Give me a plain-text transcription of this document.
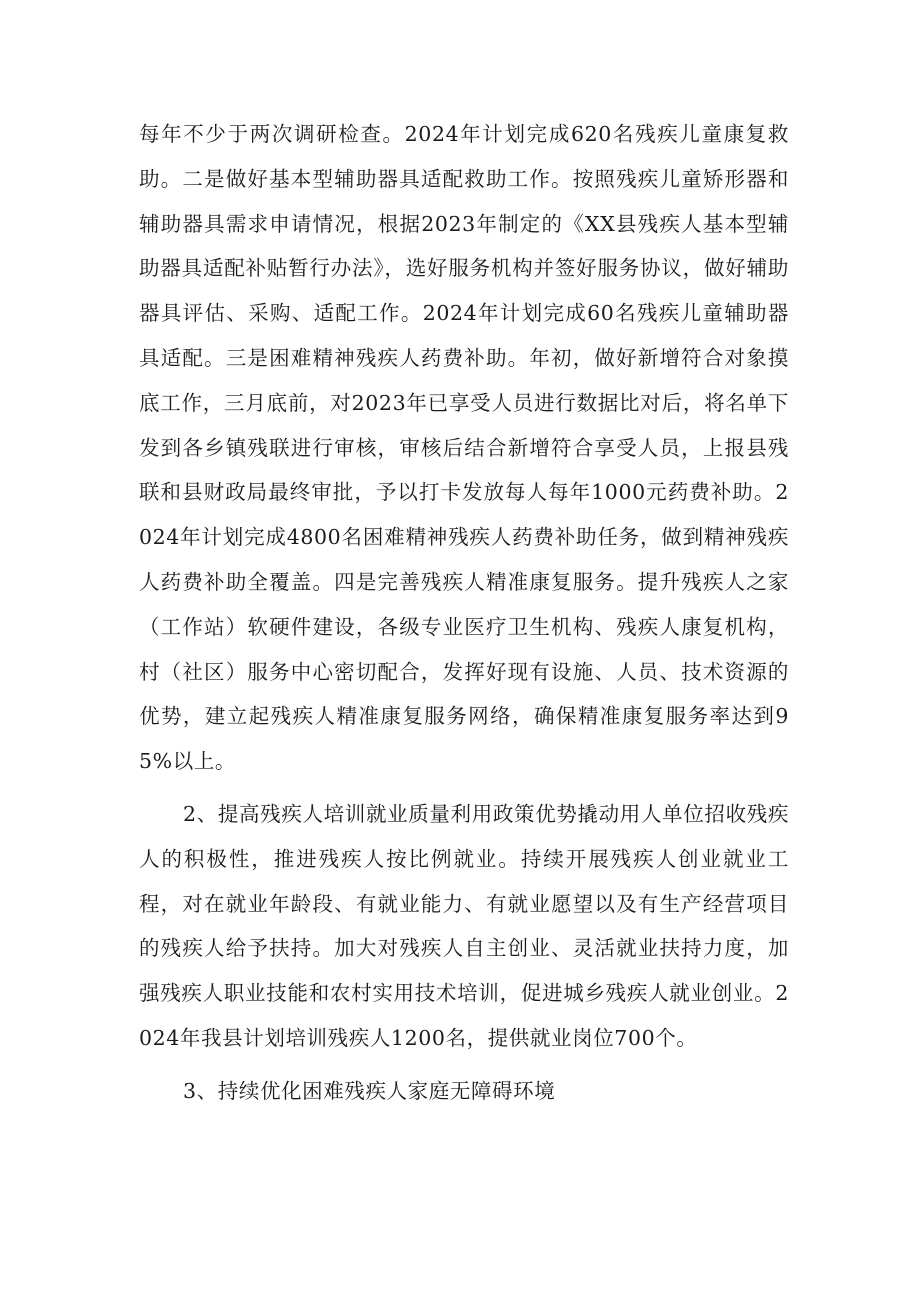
每年不少于两次调研检查。2024年计划完成620名残疾儿童康复救助。二是做好基本型辅助器具适配救助工作。按照残疾儿童矫形器和辅助器具需求申请情况，根据2023年制定的《XX县残疾人基本型辅助器具适配补贴暂行办法》，选好服务机构并签好服务协议，做好辅助器具评估、采购、适配工作。2024年计划完成60名残疾儿童辅助器具适配。三是困难精神残疾人药费补助。年初，做好新增符合对象摸底工作，三月底前，对2023年已享受人员进行数据比对后，将名单下发到各乡镇残联进行审核，审核后结合新增符合享受人员，上报县残联和县财政局最终审批，予以打卡发放每人每年1000元药费补助。2024年计划完成4800名困难精神残疾人药费补助任务，做到精神残疾人药费补助全覆盖。四是完善残疾人精准康复服务。提升残疾人之家（工作站）软硬件建设，各级专业医疗卫生机构、残疾人康复机构，村（社区）服务中心密切配合，发挥好现有设施、人员、技术资源的优势，建立起残疾人精准康复服务网络，确保精准康复服务率达到95%以上。

2、提高残疾人培训就业质量利用政策优势撬动用人单位招收残疾人的积极性，推进残疾人按比例就业。持续开展残疾人创业就业工程，对在就业年龄段、有就业能力、有就业愿望以及有生产经营项目的残疾人给予扶持。加大对残疾人自主创业、灵活就业扶持力度，加强残疾人职业技能和农村实用技术培训，促进城乡残疾人就业创业。2024年我县计划培训残疾人1200名，提供就业岗位700个。

3、持续优化困难残疾人家庭无障碍环境
